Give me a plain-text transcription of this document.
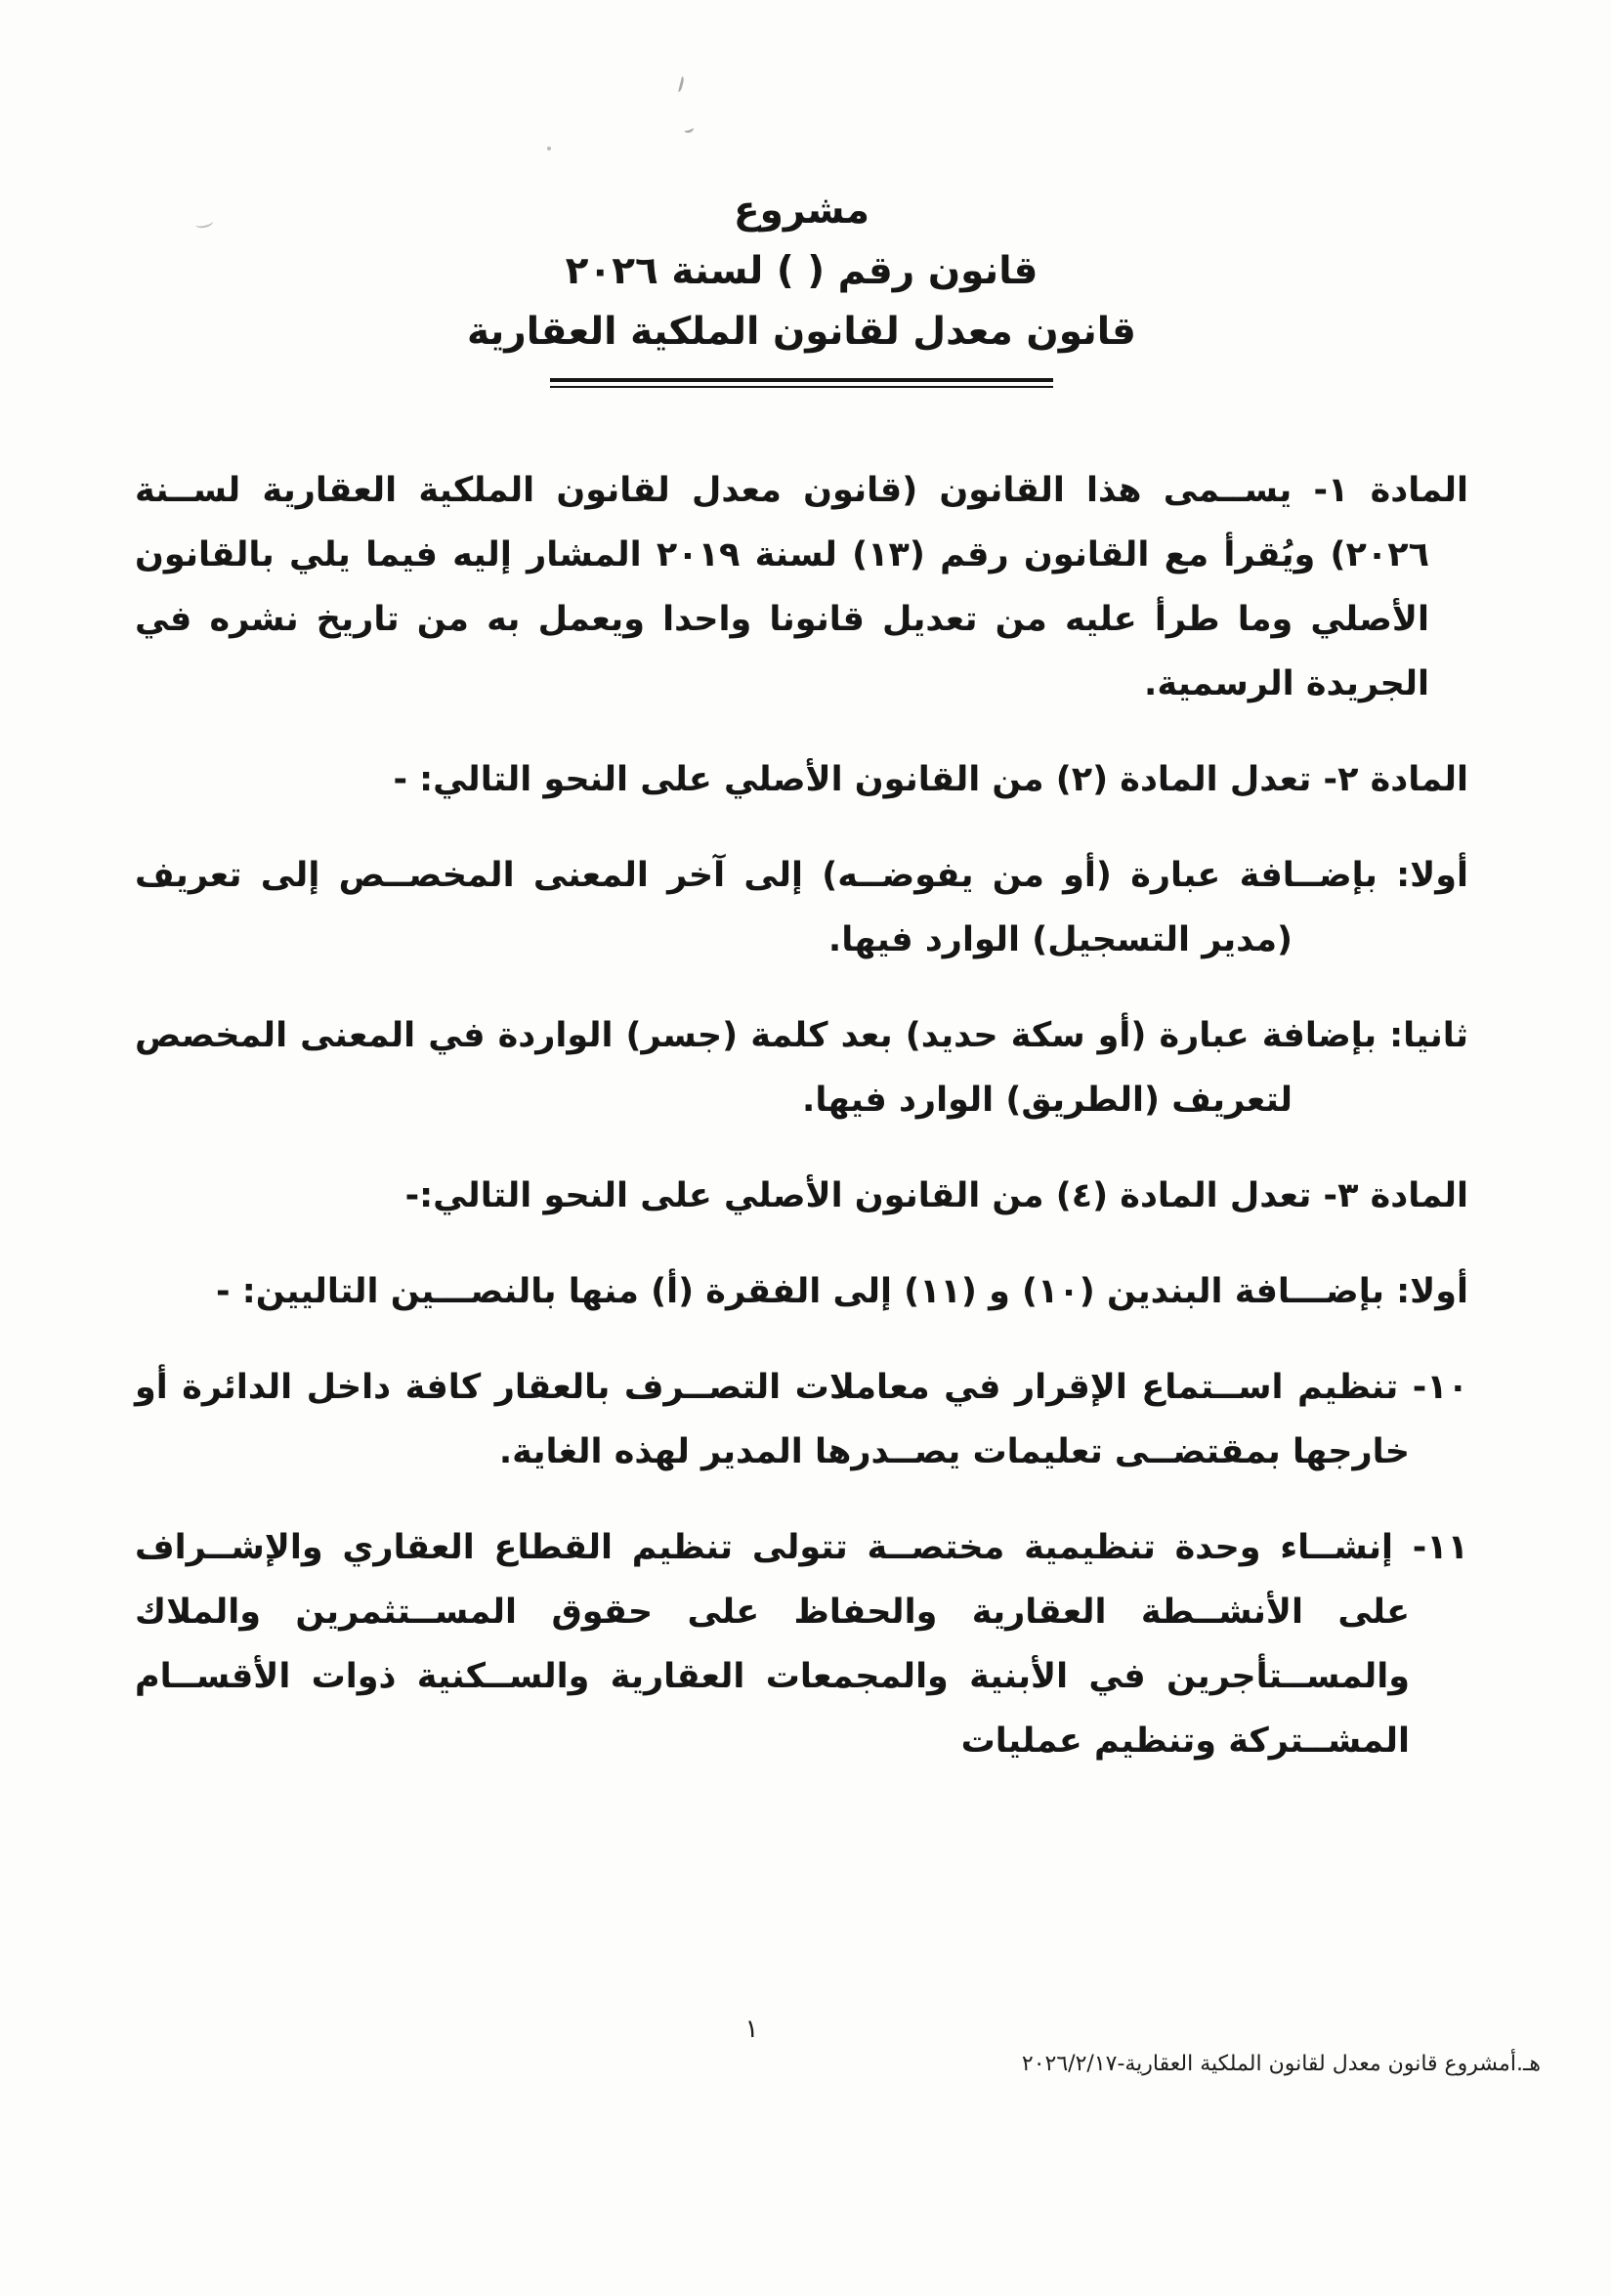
مشروع
قانون رقم ( ) لسنة ٢٠٢٦
قانون معدل لقانون الملكية العقارية

المادة ١- يســمى هذا القانون (قانون معدل لقانون الملكية العقارية لســنة ٢٠٢٦) ويُقرأ مع القانون رقم (١٣) لسنة ٢٠١٩ المشار إليه فيما يلي بالقانون الأصلي وما طرأ عليه من تعديل قانونا واحدا ويعمل به من تاريخ نشره في الجريدة الرسمية.

المادة ٢- تعدل المادة (٢) من القانون الأصلي على النحو التالي: -

أولا: بإضــافة عبارة (أو من يفوضــه) إلى آخر المعنى المخصــص إلى تعريف (مدير التسجيل) الوارد فيها.

ثانيا: بإضافة عبارة (أو سكة حديد) بعد كلمة (جسر) الواردة في المعنى المخصص لتعريف (الطريق) الوارد فيها.

المادة ٣- تعدل المادة (٤) من القانون الأصلي على النحو التالي:-

أولا: بإضـــافة البندين (١٠) و (١١) إلى الفقرة (أ) منها بالنصـــين التاليين: -

١٠- تنظيم اســتماع الإقرار في معاملات التصــرف بالعقار كافة داخل الدائرة أو خارجها بمقتضــى تعليمات يصــدرها المدير لهذه الغاية.

١١- إنشــاء وحدة تنظيمية مختصــة تتولى تنظيم القطاع العقاري والإشــراف على الأنشــطة العقارية والحفاظ على حقوق المســتثمرين والملاك والمســتأجرين في الأبنية والمجمعات العقارية والســكنية ذوات الأقســام المشــتركة وتنظيم عمليات

١
هـ.أمشروع قانون معدل لقانون الملكية العقارية-٢٠٢٦/٢/١٧
